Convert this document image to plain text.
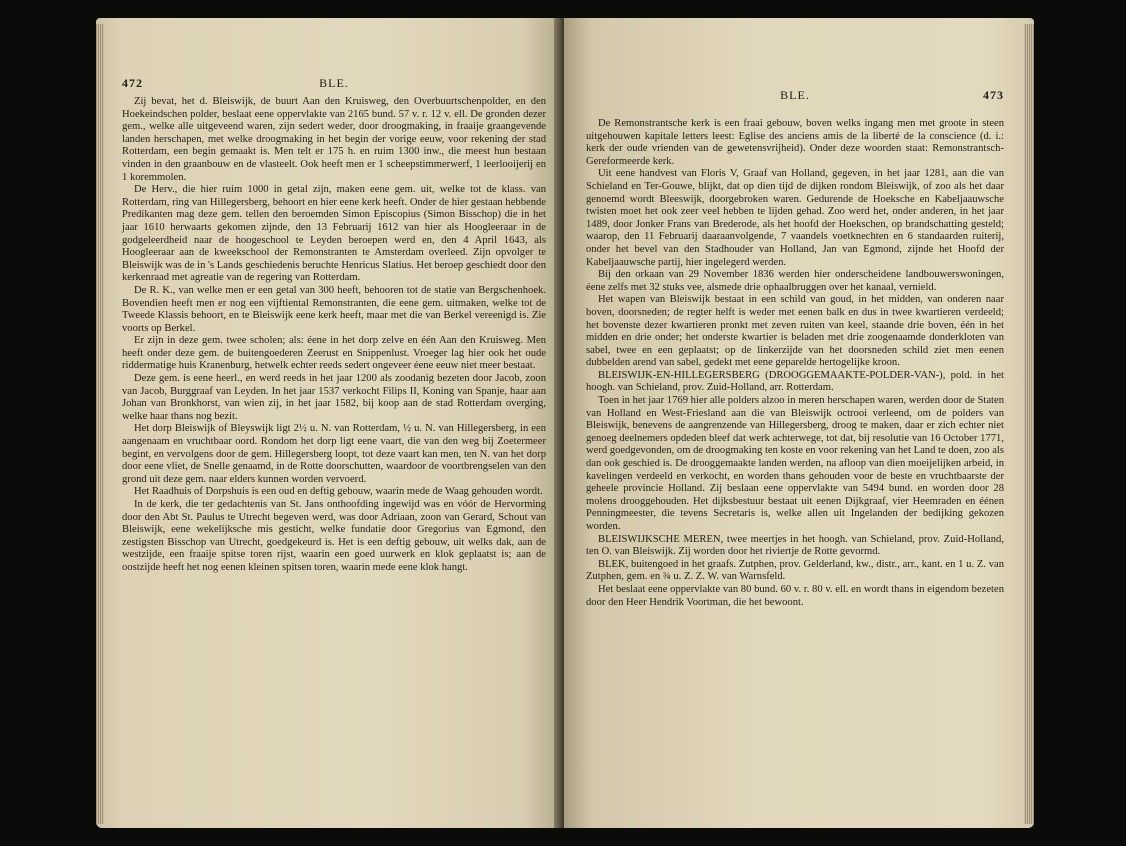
472	BLE.

Zij bevat, het d. Bleiswijk, de buurt Aan den Kruisweg, den Overbuurtschenpolder, en den Hoekeindschen polder, beslaat eene oppervlakte van 2165 bund. 57 v. r. 12 v. ell. De gronden dezer gem., welke alle uitgeveend waren, zijn sedert weder, door droogmaking, in fraaije graangevende landen herschapen, met welke droogmaking in het begin der vorige eeuw, voor rekening der stad Rotterdam, een begin gemaakt is. Men telt er 175 h. en ruim 1300 inw., die meest hun bestaan vinden in den graanbouw en de vlasteelt. Ook heeft men er 1 scheepstimmerwerf, 1 leerlooijerij en 1 koremmolen.

De Herv., die hier ruim 1000 in getal zijn, maken eene gem. uit, welke tot de klass. van Rotterdam, ring van Hillegersberg, behoort en hier eene kerk heeft. Onder de hier gestaan hebbende Predikanten mag deze gem. tellen den beroemden Simon Episcopius (Simon Bisschop) die in het jaar 1610 herwaarts gekomen zijnde, den 13 Februarij 1612 van hier als Hoogleeraar in de godgeleerdheid naar de hoogeschool te Leyden beroepen werd en, den 4 April 1643, als Hoogleeraar aan de kweekschool der Remonstranten te Amsterdam overleed. Zijn opvolger te Bleiswijk was de in 's Lands geschiedenis beruchte Henricus Slatius. Het beroep geschiedt door den kerkenraad met agreatie van de regering van Rotterdam.

De R. K., van welke men er een getal van 300 heeft, behooren tot de statie van Bergschenhoek. Bovendien heeft men er nog een vijftiental Remonstranten, die eene gem. uitmaken, welke tot de Tweede Klassis behoort, en te Bleiswijk eene kerk heeft, maar met die van Berkel vereenigd is. Zie voorts op Berkel.

Er zijn in deze gem. twee scholen; als: éene in het dorp zelve en één Aan den Kruisweg. Men heeft onder deze gem. de buitengoederen Zeerust en Snippenlust. Vroeger lag hier ook het oude riddermatige huis Kranenburg, hetwelk echter reeds sedert ongeveer éene eeuw niet meer bestaat.

Deze gem. is eene heerl., en werd reeds in het jaar 1200 als zoodanig bezeten door Jacob, zoon van Jacob, Burggraaf van Leyden. In het jaar 1537 verkocht Filips II, Koning van Spanje, haar aan Johan van Bronkhorst, van wien zij, in het jaar 1582, bij koop aan de stad Rotterdam overging, welke haar thans nog bezit.

Het dorp Bleiswijk of Bleyswijk ligt 2½ u. N. van Rotterdam, ½ u. N. van Hillegersberg, in een aangenaam en vruchtbaar oord. Rondom het dorp ligt eene vaart, die van den weg bij Zoetermeer begint, en vervolgens door de gem. Hillegersberg loopt, tot deze vaart kan men, ten N. van het dorp door eene vliet, de Snelle genaamd, in de Rotte doorschutten, waardoor de voortbrengselen van den grond uit deze gem. naar elders kunnen worden vervoerd.

Het Raadhuis of Dorpshuis is een oud en deftig gebouw, waarin mede de Waag gehouden wordt.

In de kerk, die ter gedachtenis van St. Jans onthoofding ingewijd was en vóór de Hervorming door den Abt St. Paulus te Utrecht begeven werd, was door Adriaan, zoon van Gerard, Schout van Bleiswijk, eene wekelijksche mis gesticht, welke fundatie door Gregorius van Egmond, den zestigsten Bisschop van Utrecht, goedgekeurd is. Het is een deftig gebouw, uit welks dak, aan de westzijde, een fraaije spitse toren rijst, waarin een goed uurwerk en klok geplaatst is; aan de oostzijde heeft het nog eenen kleinen spitsen toren, waarin mede eene klok hangt.

BLE.	473

De Remonstrantsche kerk is een fraai gebouw, boven welks ingang men met groote in steen uitgehouwen kapitale letters leest: Eglise des anciens amis de la liberté de la conscience (d. i.: kerk der oude vrienden van de gewetensvrijheid). Onder deze woorden staat: Remonstrantsch-Gereformeerde kerk.

Uit eene handvest van Floris V, Graaf van Holland, gegeven, in het jaar 1281, aan die van Schieland en Ter-Gouwe, blijkt, dat op dien tijd de dijken rondom Bleiswijk, of zoo als het daar genoemd wordt Bleeswijk, doorgebroken waren. Gedurende de Hoeksche en Kabeljaauwsche twisten moet het ook zeer veel hebben te lijden gehad. Zoo werd het, onder anderen, in het jaar 1489, door Jonker Frans van Brederode, als het hoofd der Hoekschen, op brandschatting gesteld; waarop, den 11 Februarij daaraanvolgende, 7 vaandels voetknechten en 6 standaarden ruiterij, onder het bevel van den Stadhouder van Holland, Jan van Egmond, zijnde het Hoofd der Kabeljaauwsche partij, hier ingelegerd werden.

Bij den orkaan van 29 November 1836 werden hier onderscheidene landbouwerswoningen, éene zelfs met 32 stuks vee, alsmede drie ophaalbruggen over het kanaal, vernield.

Het wapen van Bleiswijk bestaat in een schild van goud, in het midden, van onderen naar boven, doorsneden; de regter helft is weder met eenen balk en dus in twee kwartieren verdeeld; het bovenste dezer kwartieren pronkt met zeven ruiten van keel, staande drie boven, één in het midden en drie onder; het onderste kwartier is beladen met drie zoogenaamde donderkloten van sabel, twee en een geplaatst; op de linkerzijde van het doorsneden schild ziet men eenen dubbelden arend van sabel, gedekt met eene geparelde hertogelijke kroon.

BLEISWIJK-EN-HILLEGERSBERG (DROOGGEMAAKTE-POLDER-VAN-), pold. in het hoogh. van Schieland, prov. Zuid-Holland, arr. Rotterdam.

Toen in het jaar 1769 hier alle polders alzoo in meren herschapen waren, werden door de Staten van Holland en West-Friesland aan die van Bleiswijk octrooi verleend, om de polders van Bleiswijk, benevens de aangrenzende van Hillegersberg, droog te maken, daar er zich echter niet genoeg deelnemers opdeden bleef dat werk achterwege, tot dat, bij resolutie van 16 October 1771, werd goedgevonden, om de droogmaking ten koste en voor rekening van het Land te doen, zoo als dan ook geschied is. De drooggemaakte landen werden, na afloop van dien moeijelijken arbeid, in kavelingen verdeeld en verkocht, en worden thans gehouden voor de beste en vruchtbaarste der geheele provincie Holland. Zij beslaan eene oppervlakte van 5494 bund. en worden door 28 molens drooggehouden. Het dijksbestuur bestaat uit eenen Dijkgraaf, vier Heemraden en éénen Penningmeester, die tevens Secretaris is, welke allen uit Ingelanden der bedijking gekozen worden.

BLEISWIJKSCHE MEREN, twee meertjes in het hoogh. van Schieland, prov. Zuid-Holland, ten O. van Bleiswijk. Zij worden door het riviertje de Rotte gevormd.

BLEK, buitengoed in het graafs. Zutphen, prov. Gelderland, kw., distr., arr., kant. en 1 u. Z. van Zutphen, gem. en ¾ u. Z. Z. W. van Warnsfeld.

Het beslaat eene oppervlakte van 80 bund. 60 v. r. 80 v. ell. en wordt thans in eigendom bezeten door den Heer Hendrik Voortman, die het bewoont.
